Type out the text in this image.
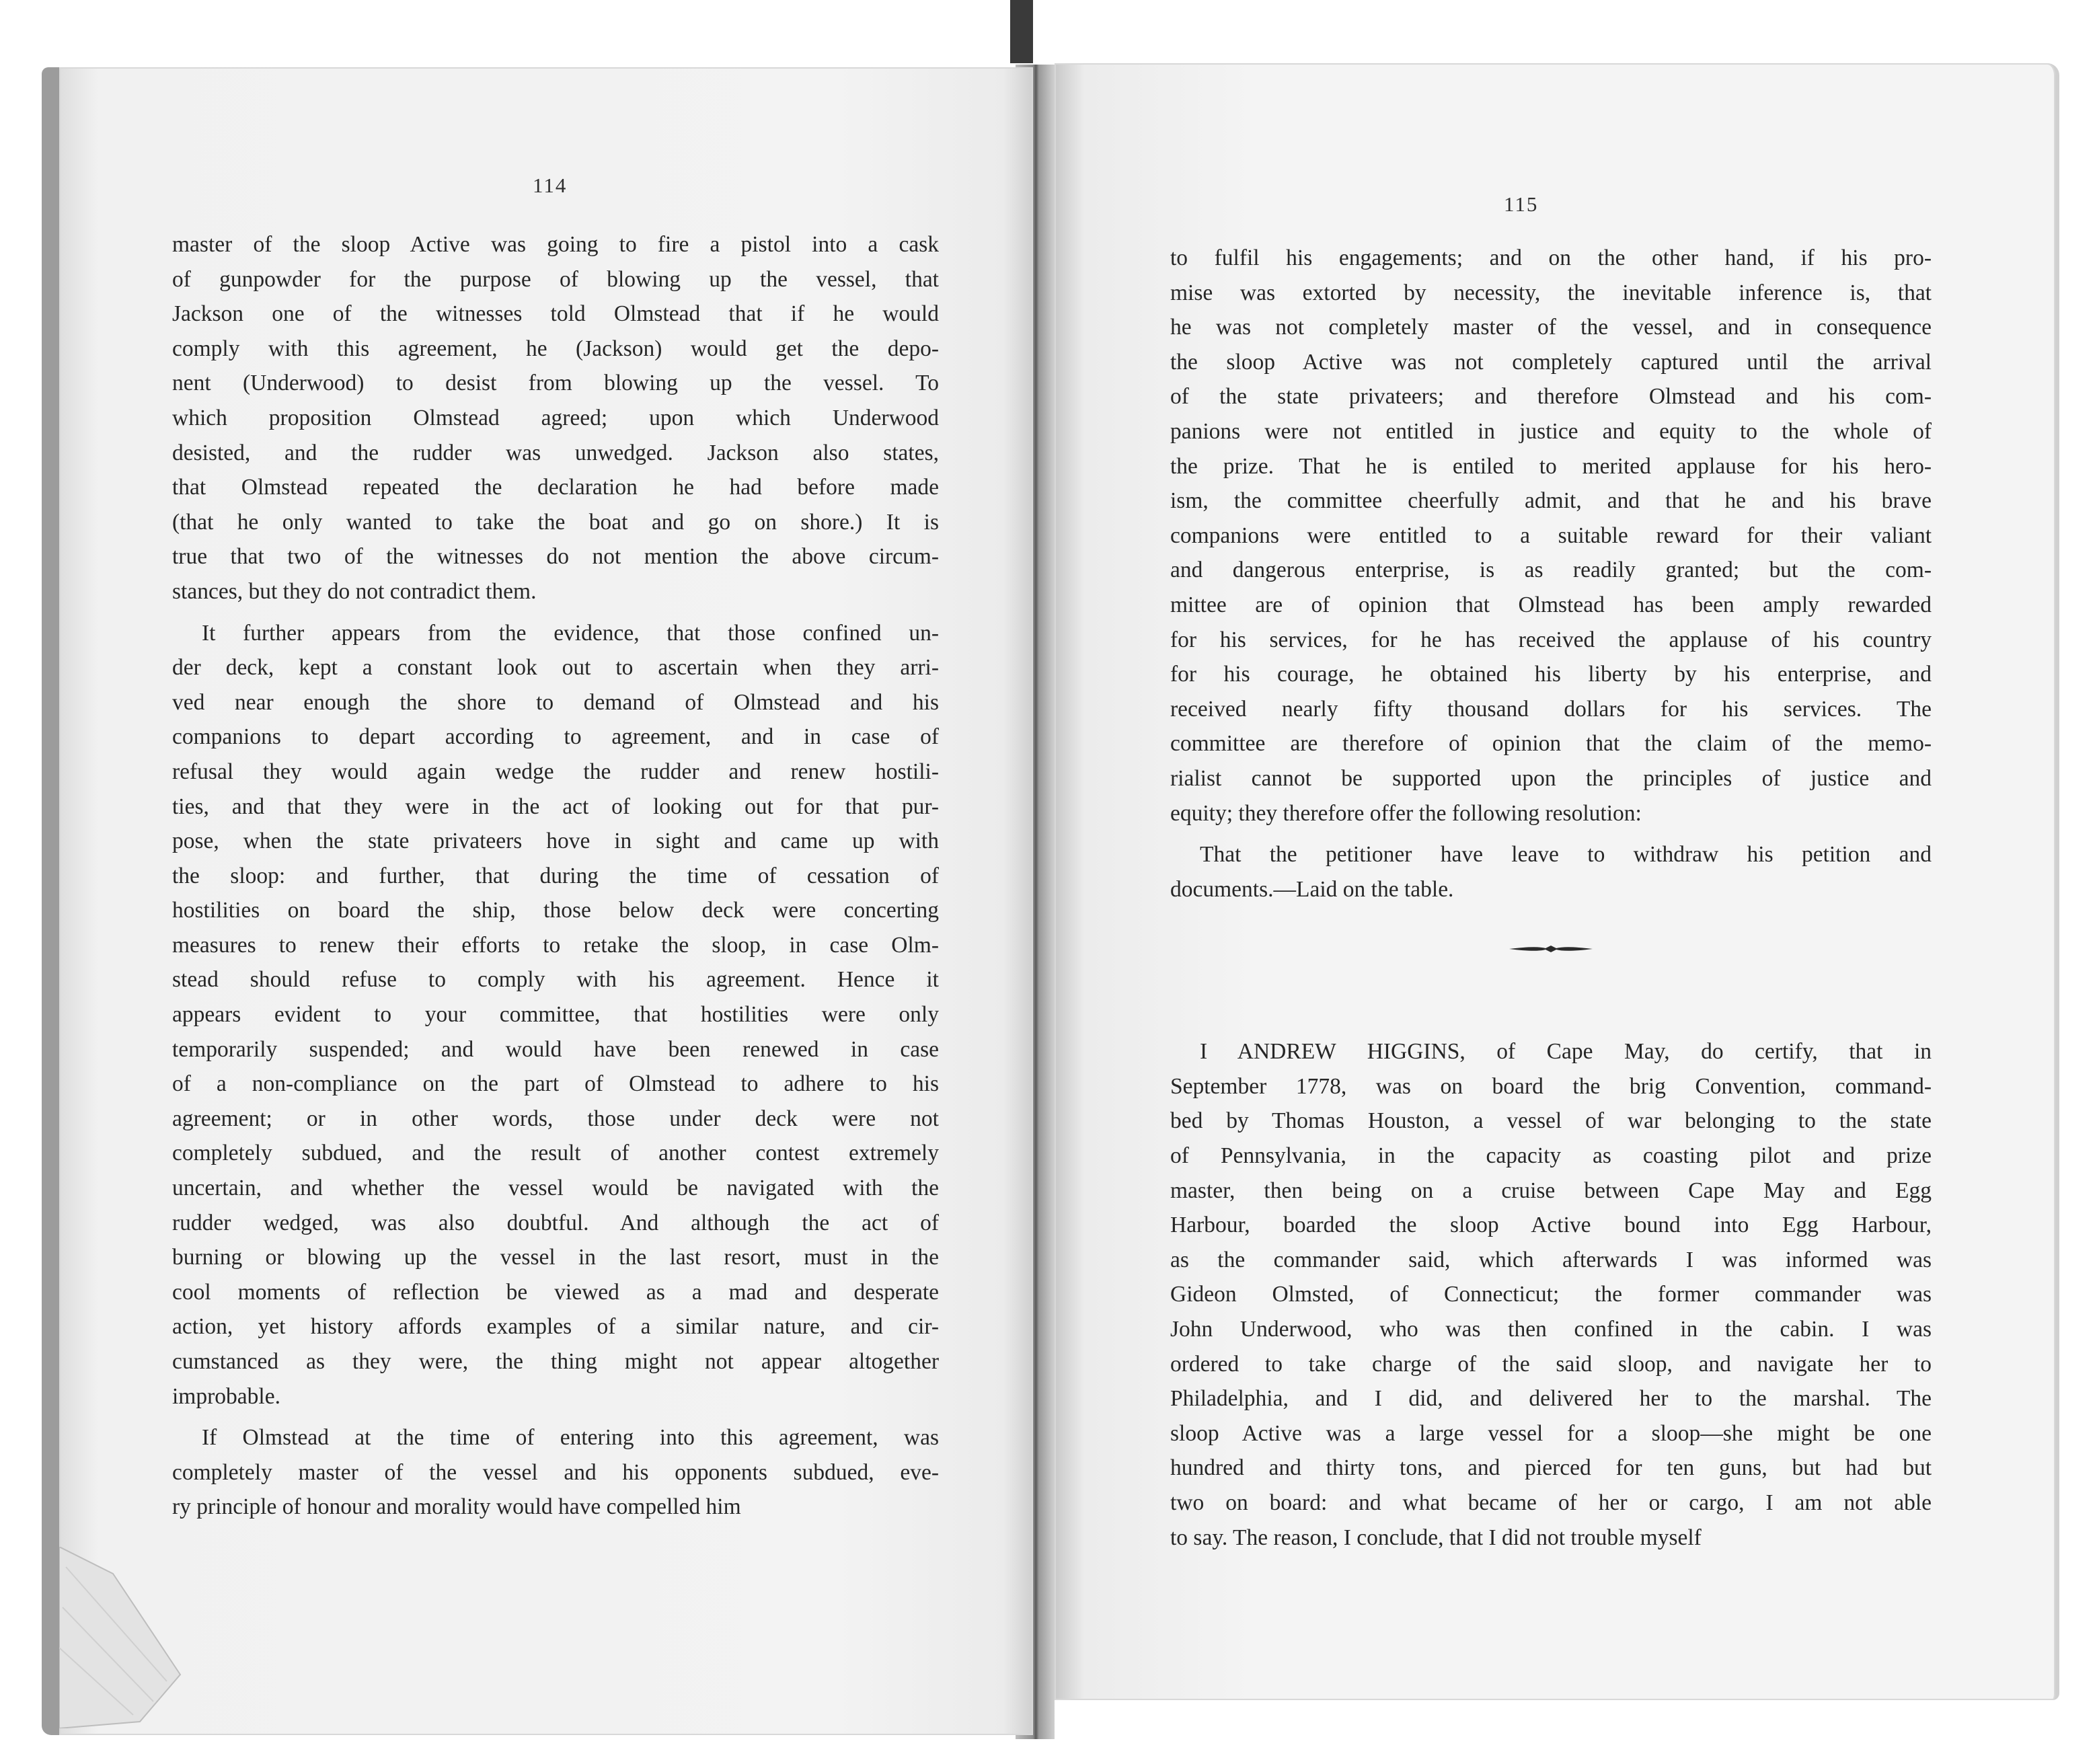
114

master of the sloop Active was going to fire a pistol into a cask
of gunpowder for the purpose of blowing up the vessel, that
Jackson one of the witnesses told Olmstead that if he would
comply with this agreement, he (Jackson) would get the depo-
nent (Underwood) to desist from blowing up the vessel. To
which proposition Olmstead agreed; upon which Underwood
desisted, and the rudder was unwedged. Jackson also states,
that Olmstead repeated the declaration he had before made
(that he only wanted to take the boat and go on shore.) It is
true that two of the witnesses do not mention the above circum-
stances, but they do not contradict them.

It further appears from the evidence, that those confined un-
der deck, kept a constant look out to ascertain when they arri-
ved near enough the shore to demand of Olmstead and his
companions to depart according to agreement, and in case of
refusal they would again wedge the rudder and renew hostili-
ties, and that they were in the act of looking out for that pur-
pose, when the state privateers hove in sight and came up with
the sloop: and further, that during the time of cessation of
hostilities on board the ship, those below deck were concerting
measures to renew their efforts to retake the sloop, in case Olm-
stead should refuse to comply with his agreement. Hence it
appears evident to your committee, that hostilities were only
temporarily suspended; and would have been renewed in case
of a non-compliance on the part of Olmstead to adhere to his
agreement; or in other words, those under deck were not
completely subdued, and the result of another contest extremely
uncertain, and whether the vessel would be navigated with the
rudder wedged, was also doubtful. And although the act of
burning or blowing up the vessel in the last resort, must in the
cool moments of reflection be viewed as a mad and desperate
action, yet history affords examples of a similar nature, and cir-
cumstanced as they were, the thing might not appear altogether
improbable.

If Olmstead at the time of entering into this agreement, was
completely master of the vessel and his opponents subdued, eve-
ry principle of honour and morality would have compelled him

115

to fulfil his engagements; and on the other hand, if his pro-
mise was extorted by necessity, the inevitable inference is, that
he was not completely master of the vessel, and in consequence
the sloop Active was not completely captured until the arrival
of the state privateers; and therefore Olmstead and his com-
panions were not entitled in justice and equity to the whole of
the prize. That he is entiled to merited applause for his hero-
ism, the committee cheerfully admit, and that he and his brave
companions were entitled to a suitable reward for their valiant
and dangerous enterprise, is as readily granted; but the com-
mittee are of opinion that Olmstead has been amply rewarded
for his services, for he has received the applause of his country
for his courage, he obtained his liberty by his enterprise, and
received nearly fifty thousand dollars for his services. The
committee are therefore of opinion that the claim of the memo-
rialist cannot be supported upon the principles of justice and
equity; they therefore offer the following resolution:

That the petitioner have leave to withdraw his petition and
documents.—Laid on the table.

I ANDREW HIGGINS, of Cape May, do certify, that in
September 1778, was on board the brig Convention, command-
bed by Thomas Houston, a vessel of war belonging to the state
of Pennsylvania, in the capacity as coasting pilot and prize
master, then being on a cruise between Cape May and Egg
Harbour, boarded the sloop Active bound into Egg Harbour,
as the commander said, which afterwards I was informed was
Gideon Olmsted, of Connecticut; the former commander was
John Underwood, who was then confined in the cabin. I was
ordered to take charge of the said sloop, and navigate her to
Philadelphia, and I did, and delivered her to the marshal. The
sloop Active was a large vessel for a sloop—she might be one
hundred and thirty tons, and pierced for ten guns, but had but
two on board: and what became of her or cargo, I am not able
to say. The reason, I conclude, that I did not trouble myself
